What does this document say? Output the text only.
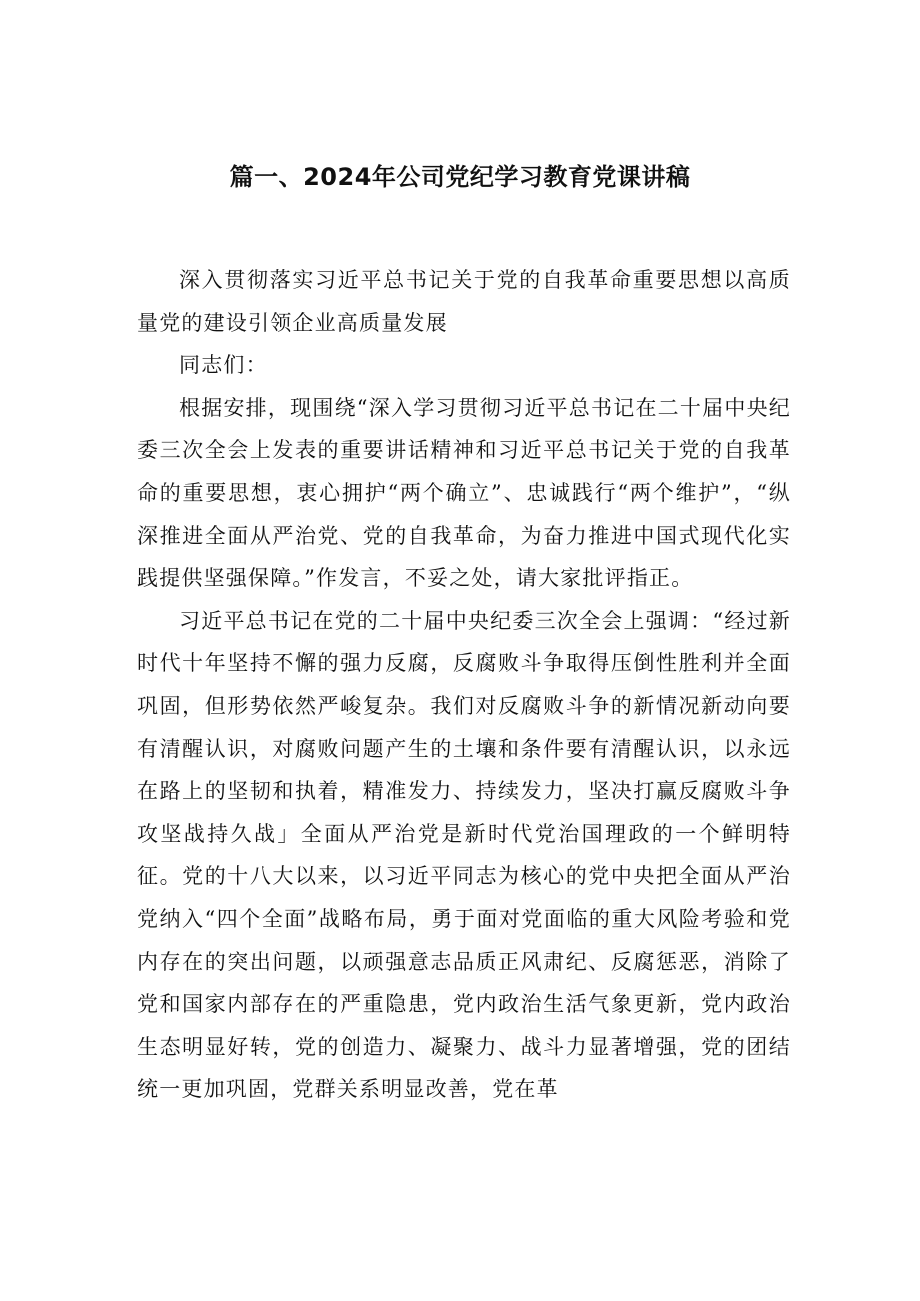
篇一、2024年公司党纪学习教育党课讲稿

深入贯彻落实习近平总书记关于党的自我革命重要思想以高质量党的建设引领企业高质量发展

同志们：

根据安排，现围绕“深入学习贯彻习近平总书记在二十届中央纪委三次全会上发表的重要讲话精神和习近平总书记关于党的自我革命的重要思想，衷心拥护“两个确立”、忠诚践行“两个维护”，“纵深推进全面从严治党、党的自我革命，为奋力推进中国式现代化实践提供坚强保障。”作发言，不妥之处，请大家批评指正。

习近平总书记在党的二十届中央纪委三次全会上强调：“经过新时代十年坚持不懈的强力反腐，反腐败斗争取得压倒性胜利并全面巩固，但形势依然严峻复杂。我们对反腐败斗争的新情况新动向要有清醒认识，对腐败问题产生的土壤和条件要有清醒认识，以永远在路上的坚韧和执着，精准发力、持续发力，坚决打赢反腐败斗争攻坚战持久战」全面从严治党是新时代党治国理政的一个鲜明特征。党的十八大以来，以习近平同志为核心的党中央把全面从严治党纳入“四个全面”战略布局，勇于面对党面临的重大风险考验和党内存在的突出问题，以顽强意志品质正风肃纪、反腐惩恶，消除了党和国家内部存在的严重隐患，党内政治生活气象更新，党内政治生态明显好转，党的创造力、凝聚力、战斗力显著增强，党的团结统一更加巩固，党群关系明显改善，党在革
